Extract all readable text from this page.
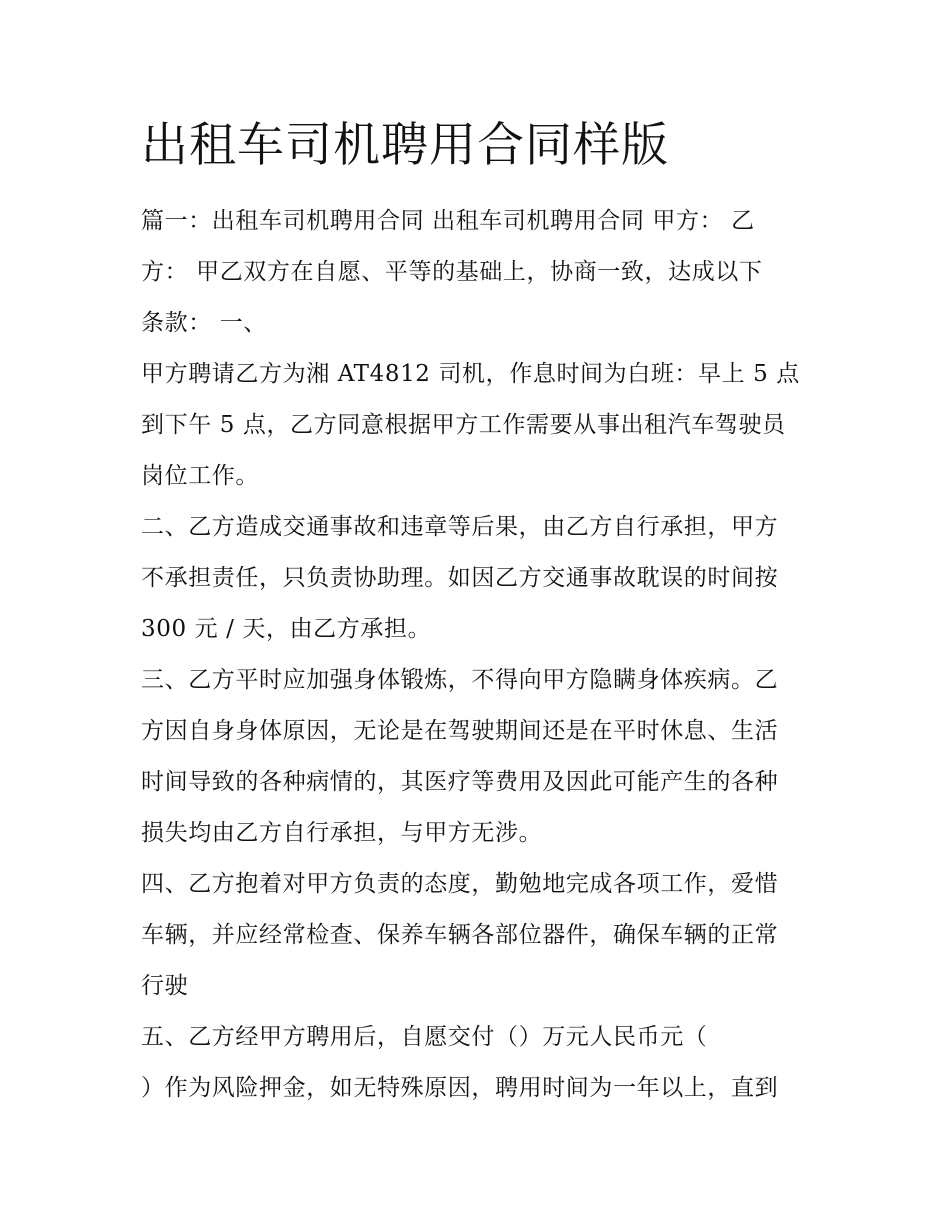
出租车司机聘用合同样版
篇一：出租车司机聘用合同 出租车司机聘用合同 甲方： 乙
方： 甲乙双方在自愿、平等的基础上，协商一致，达成以下
条款： 一、
甲方聘请乙方为湘 AT4812 司机，作息时间为白班：早上 5 点
到下午 5 点，乙方同意根据甲方工作需要从事出租汽车驾驶员
岗位工作。
二、乙方造成交通事故和违章等后果，由乙方自行承担，甲方
不承担责任，只负责协助理。如因乙方交通事故耽误的时间按
300 元 / 天，由乙方承担。
三、乙方平时应加强身体锻炼，不得向甲方隐瞒身体疾病。乙
方因自身身体原因，无论是在驾驶期间还是在平时休息、生活
时间导致的各种病情的，其医疗等费用及因此可能产生的各种
损失均由乙方自行承担，与甲方无涉。
四、乙方抱着对甲方负责的态度，勤勉地完成各项工作，爱惜
车辆，并应经常检查、保养车辆各部位器件，确保车辆的正常
行驶
五、乙方经甲方聘用后，自愿交付（）万元人民币元（
）作为风险押金，如无特殊原因，聘用时间为一年以上，直到
